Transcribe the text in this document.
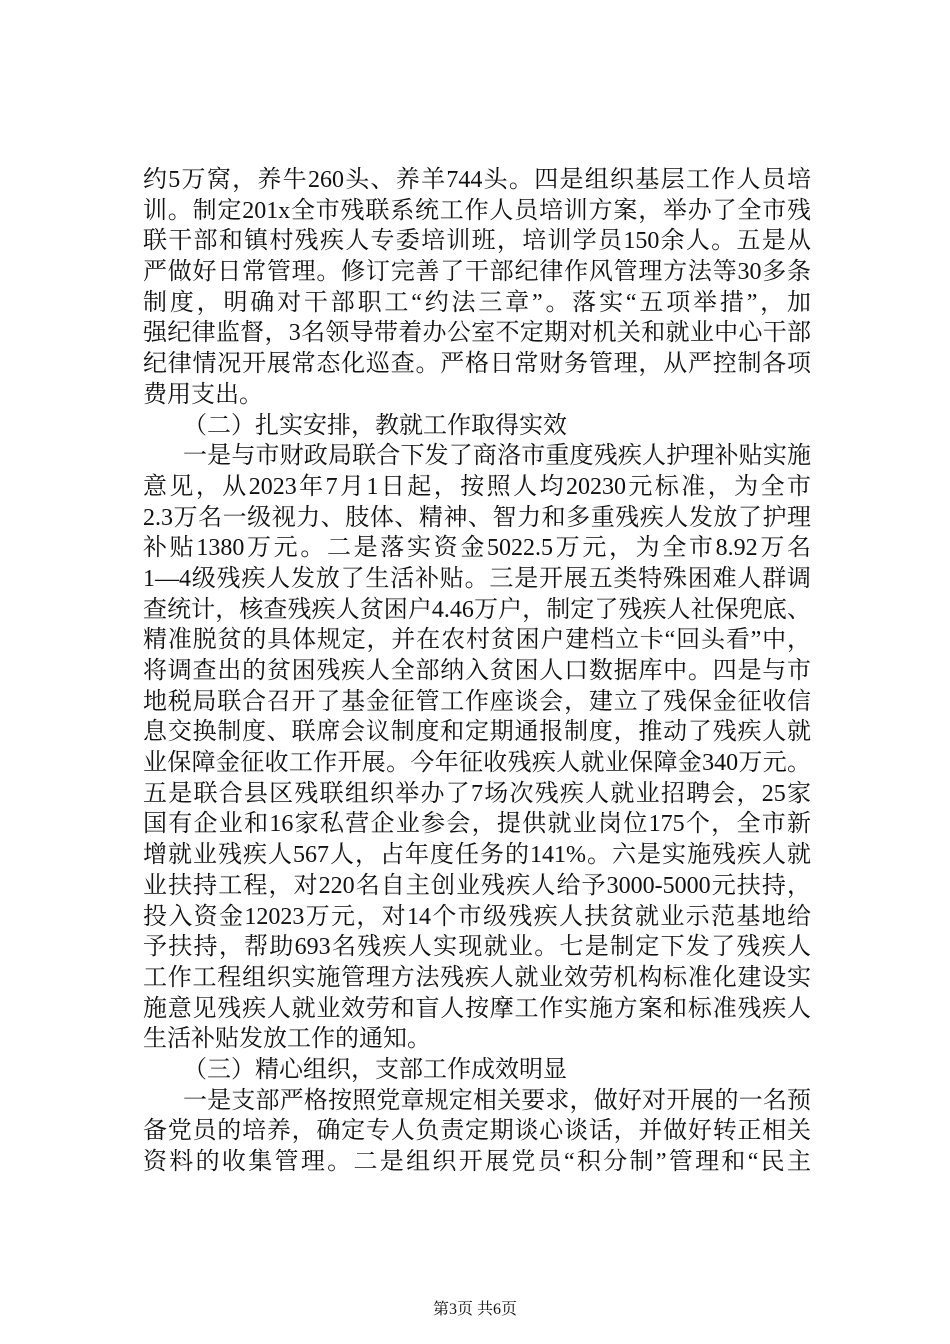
约5万窝，养牛260头、养羊744头。四是组织基层工作人员培
训。制定201x全市残联系统工作人员培训方案，举办了全市残
联干部和镇村残疾人专委培训班，培训学员150余人。五是从
严做好日常管理。修订完善了干部纪律作风管理方法等30多条
制度，明确对干部职工“约法三章”。落实“五项举措”，加
强纪律监督，3名领导带着办公室不定期对机关和就业中心干部
纪律情况开展常态化巡查。严格日常财务管理，从严控制各项
费用支出。
（二）扎实安排，教就工作取得实效
一是与市财政局联合下发了商洛市重度残疾人护理补贴实施
意见，从2023年7月1日起，按照人均20230元标准，为全市
2.3万名一级视力、肢体、精神、智力和多重残疾人发放了护理
补贴1380万元。二是落实资金5022.5万元，为全市8.92万名
1—4级残疾人发放了生活补贴。三是开展五类特殊困难人群调
查统计，核查残疾人贫困户4.46万户，制定了残疾人社保兜底、
精准脱贫的具体规定，并在农村贫困户建档立卡“回头看”中，
将调查出的贫困残疾人全部纳入贫困人口数据库中。四是与市
地税局联合召开了基金征管工作座谈会，建立了残保金征收信
息交换制度、联席会议制度和定期通报制度，推动了残疾人就
业保障金征收工作开展。今年征收残疾人就业保障金340万元。
五是联合县区残联组织举办了7场次残疾人就业招聘会，25家
国有企业和16家私营企业参会，提供就业岗位175个，全市新
增就业残疾人567人，占年度任务的141%。六是实施残疾人就
业扶持工程，对220名自主创业残疾人给予3000-5000元扶持，
投入资金12023万元，对14个市级残疾人扶贫就业示范基地给
予扶持，帮助693名残疾人实现就业。七是制定下发了残疾人
工作工程组织实施管理方法残疾人就业效劳机构标准化建设实
施意见残疾人就业效劳和盲人按摩工作实施方案和标准残疾人
生活补贴发放工作的通知。
（三）精心组织，支部工作成效明显
一是支部严格按照党章规定相关要求，做好对开展的一名预
备党员的培养，确定专人负责定期谈心谈话，并做好转正相关
资料的收集管理。二是组织开展党员“积分制”管理和“民主
第3页 共6页
